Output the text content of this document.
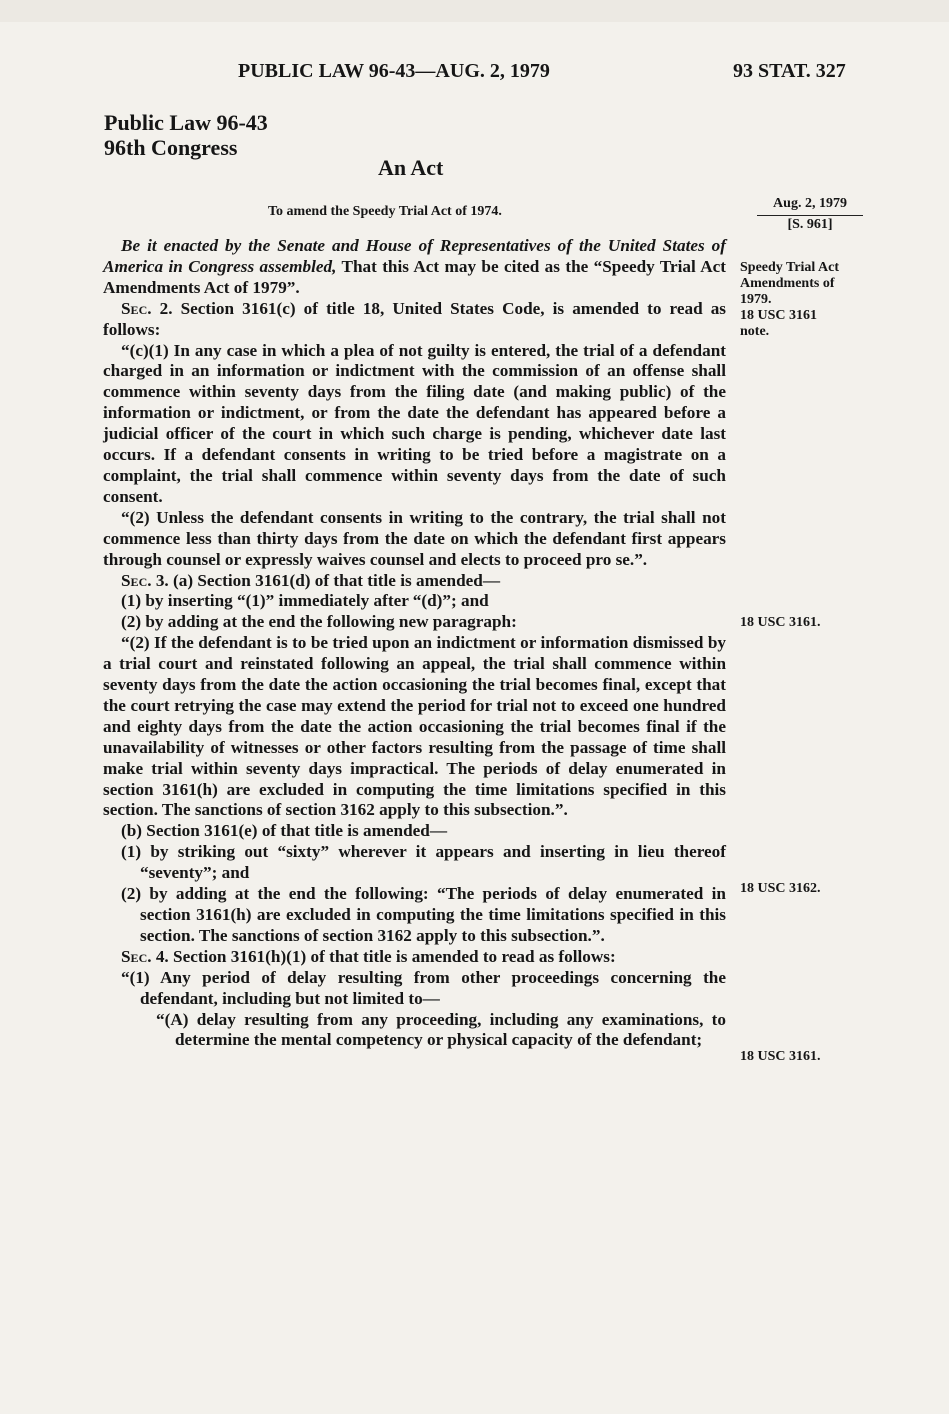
PUBLIC LAW 96-43—AUG. 2, 1979	93 STAT. 327
Public Law 96-43
96th Congress
An Act
To amend the Speedy Trial Act of 1974.
Aug. 2, 1979
[S. 961]
Speedy Trial Act
Amendments of
1979.
18 USC 3161
note.
18 USC 3161.
18 USC 3162.
18 USC 3161.

Be it enacted by the Senate and House of Representatives of the United States of America in Congress assembled, That this Act may be cited as the “Speedy Trial Act Amendments Act of 1979”.

Sec. 2. Section 3161(c) of title 18, United States Code, is amended to read as follows:

“(c)(1) In any case in which a plea of not guilty is entered, the trial of a defendant charged in an information or indictment with the commission of an offense shall commence within seventy days from the filing date (and making public) of the information or indictment, or from the date the defendant has appeared before a judicial officer of the court in which such charge is pending, whichever date last occurs. If a defendant consents in writing to be tried before a magistrate on a complaint, the trial shall commence within seventy days from the date of such consent.

“(2) Unless the defendant consents in writing to the contrary, the trial shall not commence less than thirty days from the date on which the defendant first appears through counsel or expressly waives counsel and elects to proceed pro se.”.

Sec. 3. (a) Section 3161(d) of that title is amended—

(1) by inserting “(1)” immediately after “(d)”; and

(2) by adding at the end the following new paragraph:

“(2) If the defendant is to be tried upon an indictment or information dismissed by a trial court and reinstated following an appeal, the trial shall commence within seventy days from the date the action occasioning the trial becomes final, except that the court retrying the case may extend the period for trial not to exceed one hundred and eighty days from the date the action occasioning the trial becomes final if the unavailability of witnesses or other factors resulting from the passage of time shall make trial within seventy days impractical. The periods of delay enumerated in section 3161(h) are excluded in computing the time limitations specified in this section. The sanctions of section 3162 apply to this subsection.”.

(b) Section 3161(e) of that title is amended—

(1) by striking out “sixty” wherever it appears and inserting in lieu thereof “seventy”; and

(2) by adding at the end the following: “The periods of delay enumerated in section 3161(h) are excluded in computing the time limitations specified in this section. The sanctions of section 3162 apply to this subsection.”.

Sec. 4. Section 3161(h)(1) of that title is amended to read as follows:

“(1) Any period of delay resulting from other proceedings concerning the defendant, including but not limited to—

“(A) delay resulting from any proceeding, including any examinations, to determine the mental competency or physical capacity of the defendant;
